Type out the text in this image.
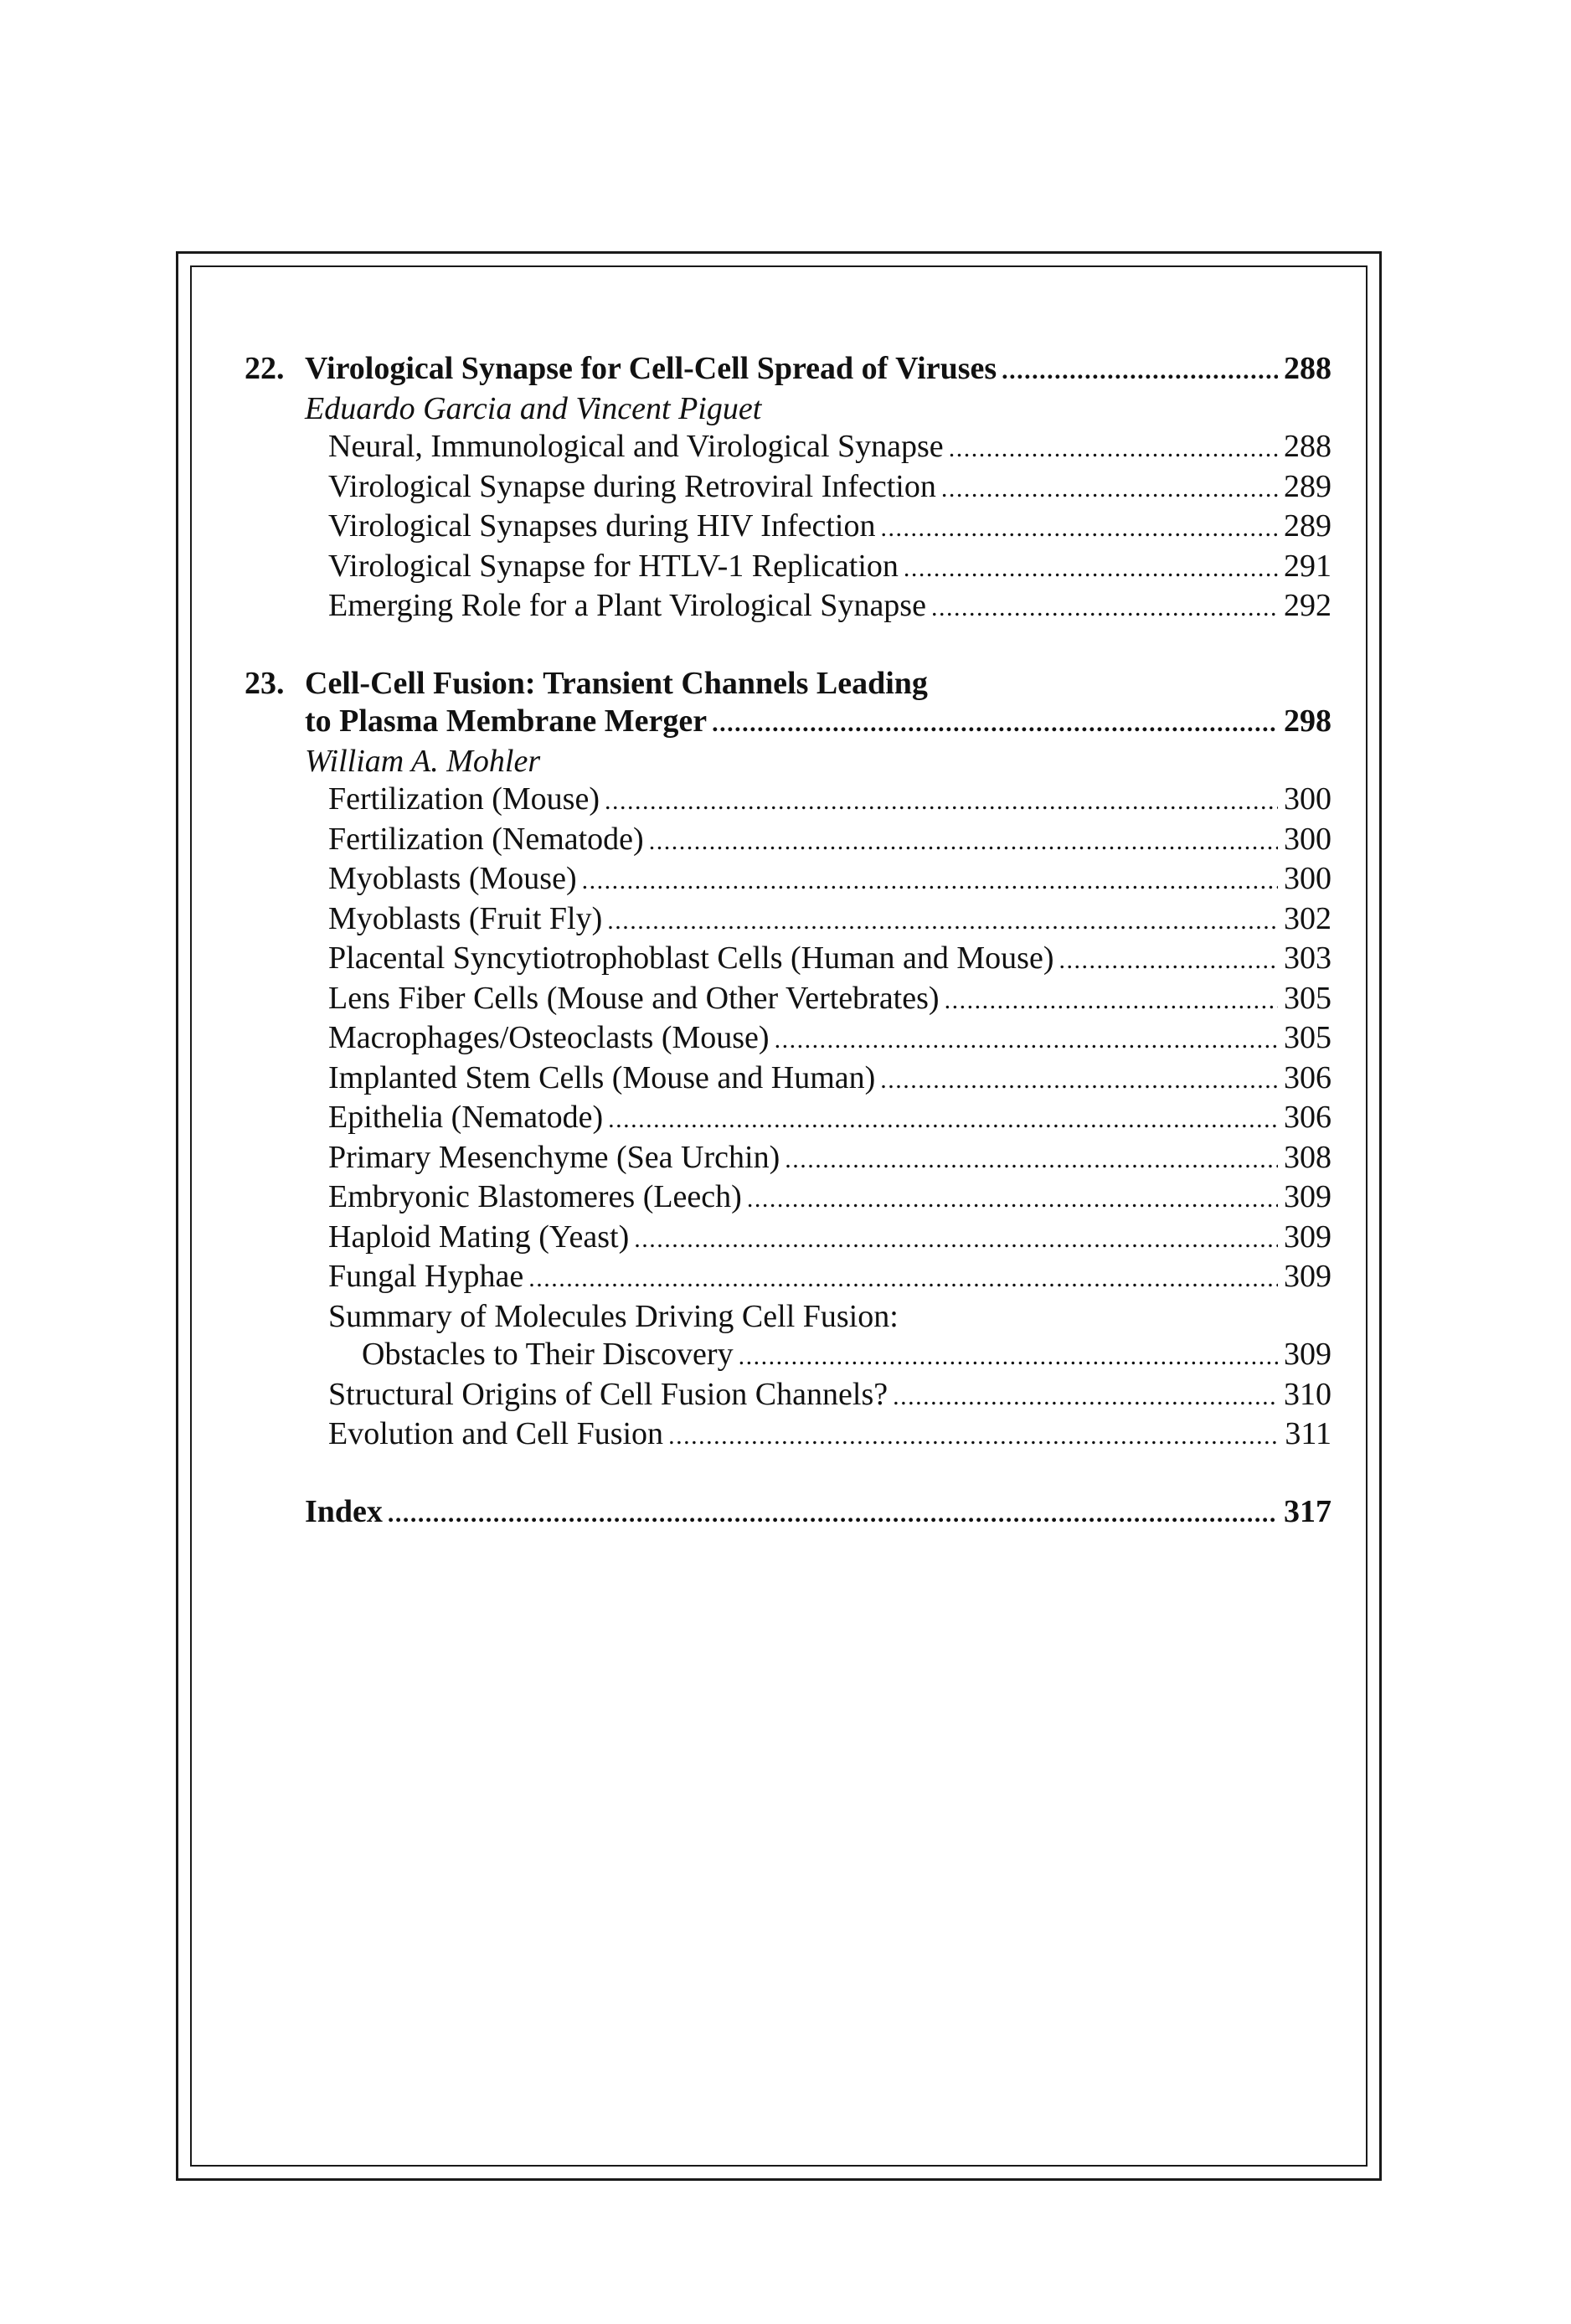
22. Virological Synapse for Cell-Cell Spread of Viruses . . .	288
Eduardo Garcia and Vincent Piguet
Neural, Immunological and Virological Synapse . . .	288
Virological Synapse during Retroviral Infection . . .	289
Virological Synapses during HIV Infection . . .	289
Virological Synapse for HTLV-1 Replication . . .	291
Emerging Role for a Plant Virological Synapse . . .	292
23. Cell-Cell Fusion: Transient Channels Leading
to Plasma Membrane Merger . . .	298
William A. Mohler
Fertilization (Mouse) . . .	300
Fertilization (Nematode) . . .	300
Myoblasts (Mouse) . . .	300
Myoblasts (Fruit Fly) . . .	302
Placental Syncytiotrophoblast Cells (Human and Mouse) . . .	303
Lens Fiber Cells (Mouse and Other Vertebrates) . . .	305
Macrophages/Osteoclasts (Mouse) . . .	305
Implanted Stem Cells (Mouse and Human) . . .	306
Epithelia (Nematode) . . .	306
Primary Mesenchyme (Sea Urchin) . . .	308
Embryonic Blastomeres (Leech) . . .	309
Haploid Mating (Yeast) . . .	309
Fungal Hyphae . . .	309
Summary of Molecules Driving Cell Fusion:
Obstacles to Their Discovery . . .	309
Structural Origins of Cell Fusion Channels? . . .	310
Evolution and Cell Fusion . . .	311
Index . . .	317
